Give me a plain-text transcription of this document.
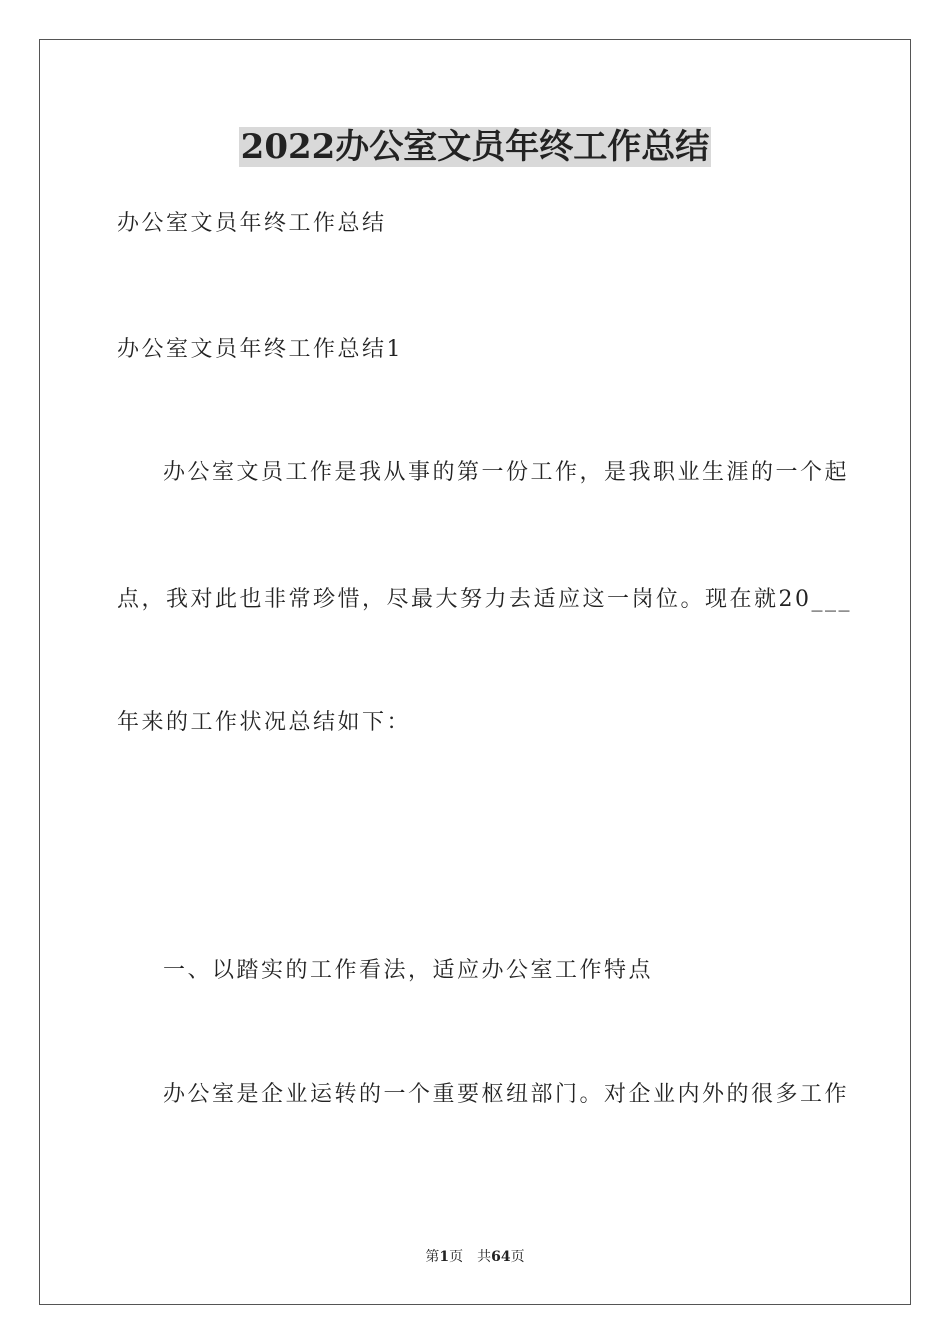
2022办公室文员年终工作总结
办公室文员年终工作总结
办公室文员年终工作总结1
办公室文员工作是我从事的第一份工作，是我职业生涯的一个起
点，我对此也非常珍惜，尽最大努力去适应这一岗位。现在就20___
年来的工作状况总结如下：
一、以踏实的工作看法，适应办公室工作特点
办公室是企业运转的一个重要枢纽部门。对企业内外的很多工作
第1页　共64页
